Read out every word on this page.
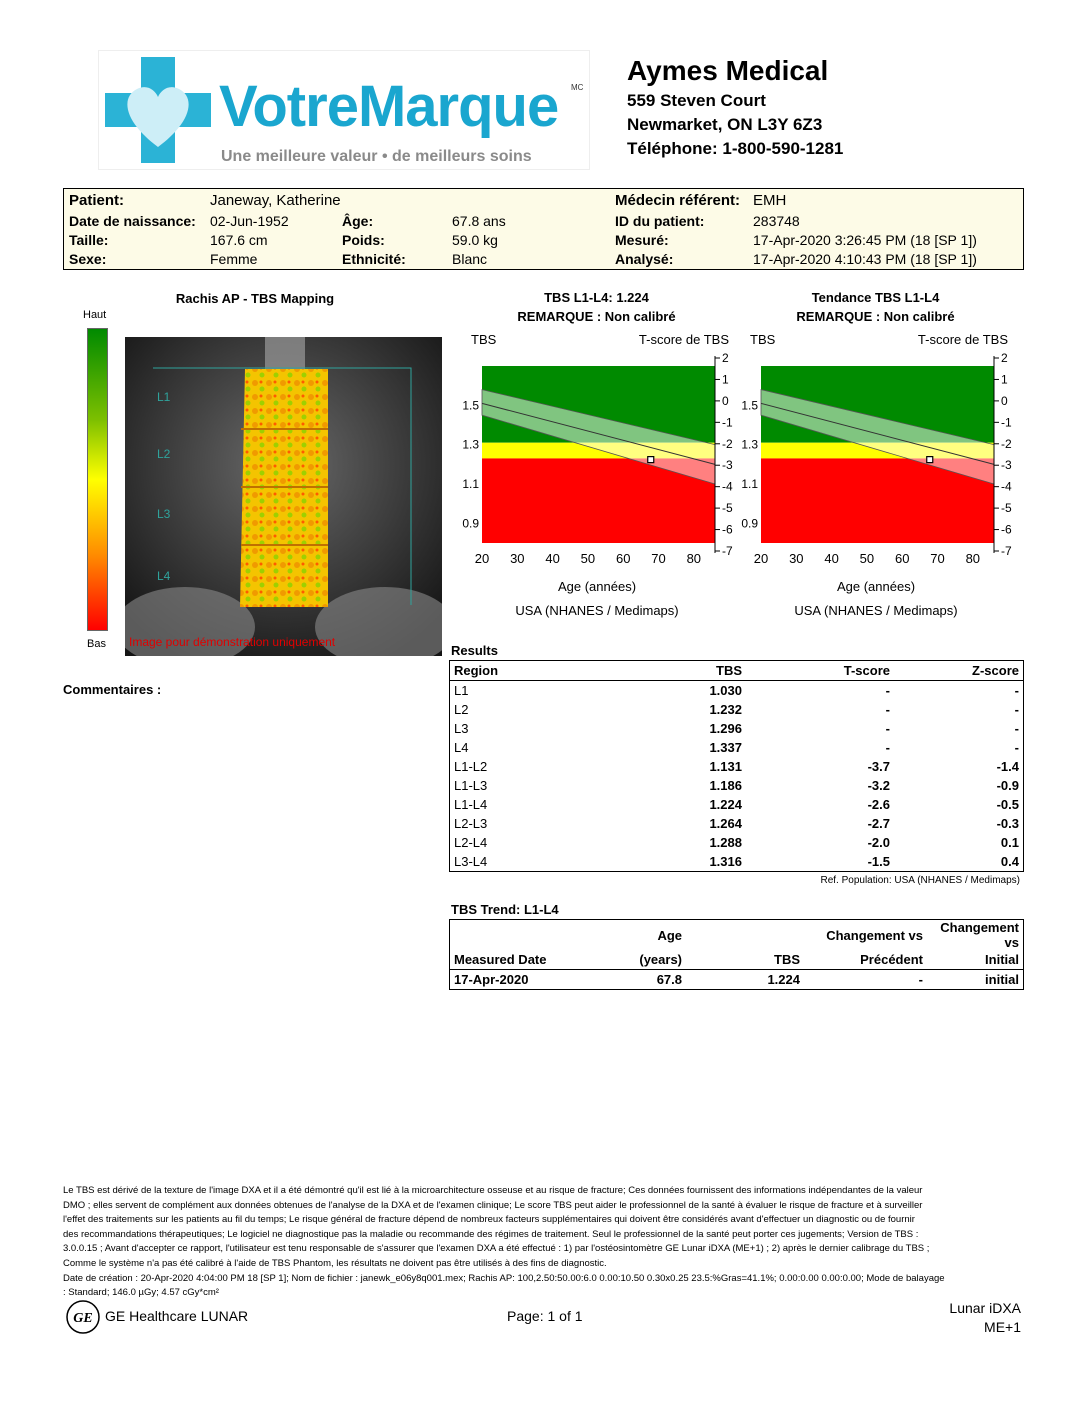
VotreMarque MC
Une meilleure valeur • de meilleurs soins
Aymes Medical
559 Steven Court
Newmarket, ON L3Y 6Z3
Téléphone: 1-800-590-1281
Patient:	Janeway, Katherine	Médecin référent: EMH
Date de naissance: 02-Jun-1952	Âge:	67.8 ans	ID du patient:	283748
Taille:	167.6 cm	Poids:	59.0 kg	Mesuré:	17-Apr-2020 3:26:45 PM (18 [SP 1])
Sexe:	Femme	Ethnicité:	Blanc	Analysé:	17-Apr-2020 4:10:43 PM (18 [SP 1])
Rachis AP - TBS Mapping
Haut
Bas
L1
L2
L3
L4
Image pour démonstration uniquement
Commentaires :
TBS L1-L4: 1.224
REMARQUE : Non calibré
TBS	T-score de TBS
0.9
1.1
1.3
1.5
2
1
0
-1
-2
-3
-4
-5
-6
-7
20 30 40 50 60 70 80
Age (années)
USA (NHANES / Medimaps)
Tendance TBS L1-L4
REMARQUE : Non calibré
TBS	T-score de TBS
0.9
1.1
1.3
1.5
2
1
0
-1
-2
-3
-4
-5
-6
-7
20 30 40 50 60 70 80
Age (années)
USA (NHANES / Medimaps)
Results
Region	TBS	T-score	Z-score
L1	1.030	-	-
L2	1.232	-	-
L3	1.296	-	-
L4	1.337	-	-
L1-L2	1.131	-3.7	-1.4
L1-L3	1.186	-3.2	-0.9
L1-L4	1.224	-2.6	-0.5
L2-L3	1.264	-2.7	-0.3
L2-L4	1.288	-2.0	0.1
L3-L4	1.316	-1.5	0.4
Ref. Population: USA (NHANES / Medimaps)
TBS Trend: L1-L4
	Age		Changement vs	Changement vs
Measured Date	(years)	TBS	Précédent	Initial
17-Apr-2020	67.8	1.224	-	initial
Le TBS est dérivé de la texture de l'image DXA et il a été démontré qu'il est lié à la microarchitecture osseuse et au risque de fracture; Ces données fournissent des informations indépendantes de la valeur
DMO ; elles servent de complément aux données obtenues de l'analyse de la DXA et de l'examen clinique; Le score TBS peut aider le professionnel de la santé à évaluer le risque de fracture et à surveiller
l'effet des traitements sur les patients au fil du temps; Le risque général de fracture dépend de nombreux facteurs supplémentaires qui doivent être considérés avant d'effectuer un diagnostic ou de fournir
des recommandations thérapeutiques; Le logiciel ne diagnostique pas la maladie ou recommande des régimes de traitement. Seul le professionnel de la santé peut porter ces jugements; Version de TBS :
3.0.0.15 ; Avant d'accepter ce rapport, l'utilisateur est tenu responsable de s'assurer que l'examen DXA a été effectué : 1) par l'ostéosintomètre GE Lunar iDXA (ME+1) ; 2) après le dernier calibrage du TBS ;
Comme le système n'a pas été calibré à l'aide de TBS Phantom, les résultats ne doivent pas être utilisés à des fins de diagnostic.
Date de création : 20-Apr-2020 4:04:00 PM 18 [SP 1]; Nom de fichier : janewk_e06y8q001.mex; Rachis AP: 100,2.50:50.00:6.0 0.00:10.50 0.30x0.25 23.5:%Gras=41.1%; 0.00:0.00 0.00:0.00; Mode de balayage
: Standard; 146.0 µGy; 4.57 cGy*cm²
GE GE Healthcare LUNAR	Page: 1 of 1	Lunar iDXA
ME+1
